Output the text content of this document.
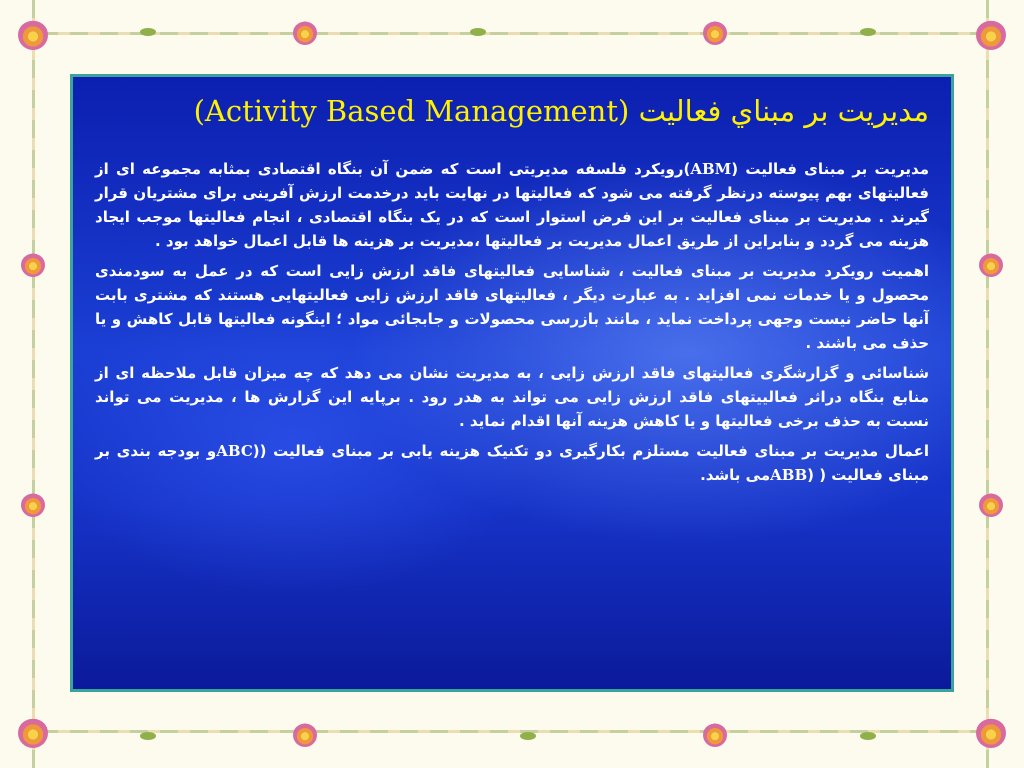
مدیریت بر مبناي فعالیت (Activity Based Management)

مدیریت بر مبنای فعالیت (ABM)رویکرد فلسفه مدیریتی است که ضمن آن بنگاه اقتصادی بمثابه مجموعه ای از فعالیتهای بهم پیوسته درنظر گرفته می شود که فعالیتها در نهایت باید درخدمت ارزش آفرینی برای مشتریان قرار گیرند . مدیریت بر مبنای فعالیت بر این فرض استوار است که در یک بنگاه اقتصادی ، انجام فعالیتها موجب ایجاد هزینه می گردد و بنابراین از طریق اعمال مدیریت بر فعالیتها ،مدیریت بر هزینه ها قابل اعمال خواهد بود .

اهمیت رویکرد مدیریت بر مبنای فعالیت ، شناسایی فعالیتهای فاقد ارزش زایی است که در عمل به سودمندی محصول و یا خدمات نمی افزاید . به عبارت دیگر ، فعالیتهای فاقد ارزش زایی فعالیتهایی هستند که مشتری بابت آنها حاضر نیست وجهی پرداخت نماید ، مانند بازرسی محصولات و جابجائی مواد ؛ اینگونه فعالیتها قابل کاهش و یا حذف می باشند .

شناسائی و گزارشگری فعالیتهای فاقد ارزش زایی ، به مدیریت نشان می دهد که چه میزان قابل ملاحظه ای از منابع بنگاه دراثر فعالییتهای فاقد ارزش زایی می تواند به هدر رود . برپایه این گزارش ها ، مدیریت می تواند نسبت به حذف برخی فعالیتها و یا کاهش هزینه آنها اقدام نماید .

اعمال مدیریت بر مبنای فعالیت مستلزم بکارگیری دو تکنیک هزینه یابی بر مبنای فعالیت ((ABCو بودجه بندی بر مبنای فعالیت ( (ABBمی باشد.
